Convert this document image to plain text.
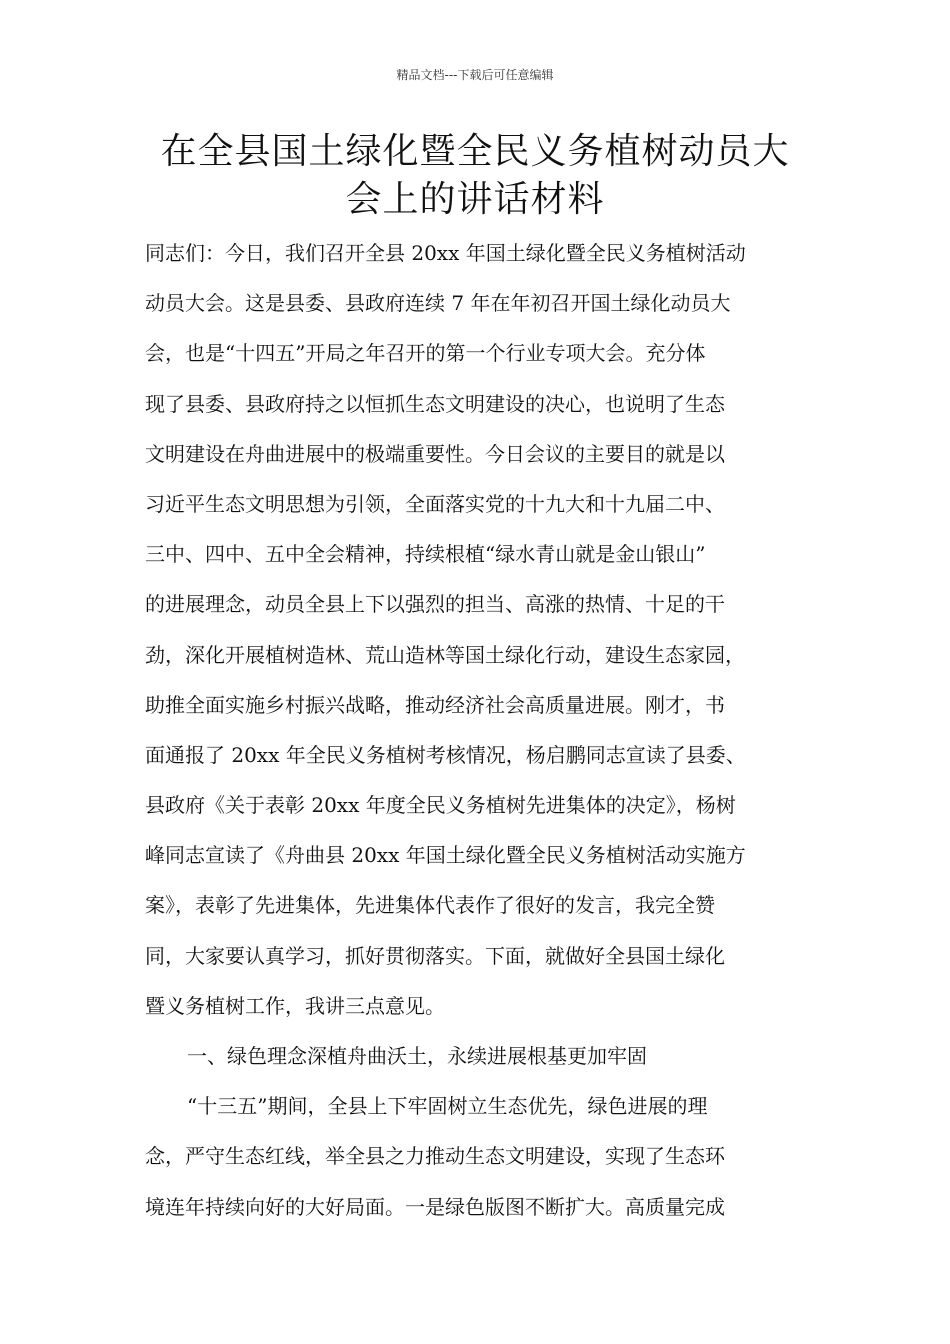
精品文档---下载后可任意编辑
在全县国土绿化暨全民义务植树动员大
会上的讲话材料
同志们：今日，我们召开全县 20xx 年国土绿化暨全民义务植树活动
动员大会。这是县委、县政府连续 7 年在年初召开国土绿化动员大
会，也是“十四五”开局之年召开的第一个行业专项大会。充分体
现了县委、县政府持之以恒抓生态文明建设的决心，也说明了生态
文明建设在舟曲进展中的极端重要性。今日会议的主要目的就是以
习近平生态文明思想为引领，全面落实党的十九大和十九届二中、
三中、四中、五中全会精神，持续根植“绿水青山就是金山银山”
的进展理念，动员全县上下以强烈的担当、高涨的热情、十足的干
劲，深化开展植树造林、荒山造林等国土绿化行动，建设生态家园，
助推全面实施乡村振兴战略，推动经济社会高质量进展。刚才，书
面通报了 20xx 年全民义务植树考核情况，杨启鹏同志宣读了县委、
县政府《关于表彰 20xx 年度全民义务植树先进集体的决定》，杨树
峰同志宣读了《舟曲县 20xx 年国土绿化暨全民义务植树活动实施方
案》，表彰了先进集体，先进集体代表作了很好的发言，我完全赞
同，大家要认真学习，抓好贯彻落实。下面，就做好全县国土绿化
暨义务植树工作，我讲三点意见。
一、绿色理念深植舟曲沃土，永续进展根基更加牢固
“十三五”期间，全县上下牢固树立生态优先，绿色进展的理
念，严守生态红线，举全县之力推动生态文明建设，实现了生态环
境连年持续向好的大好局面。一是绿色版图不断扩大。高质量完成
